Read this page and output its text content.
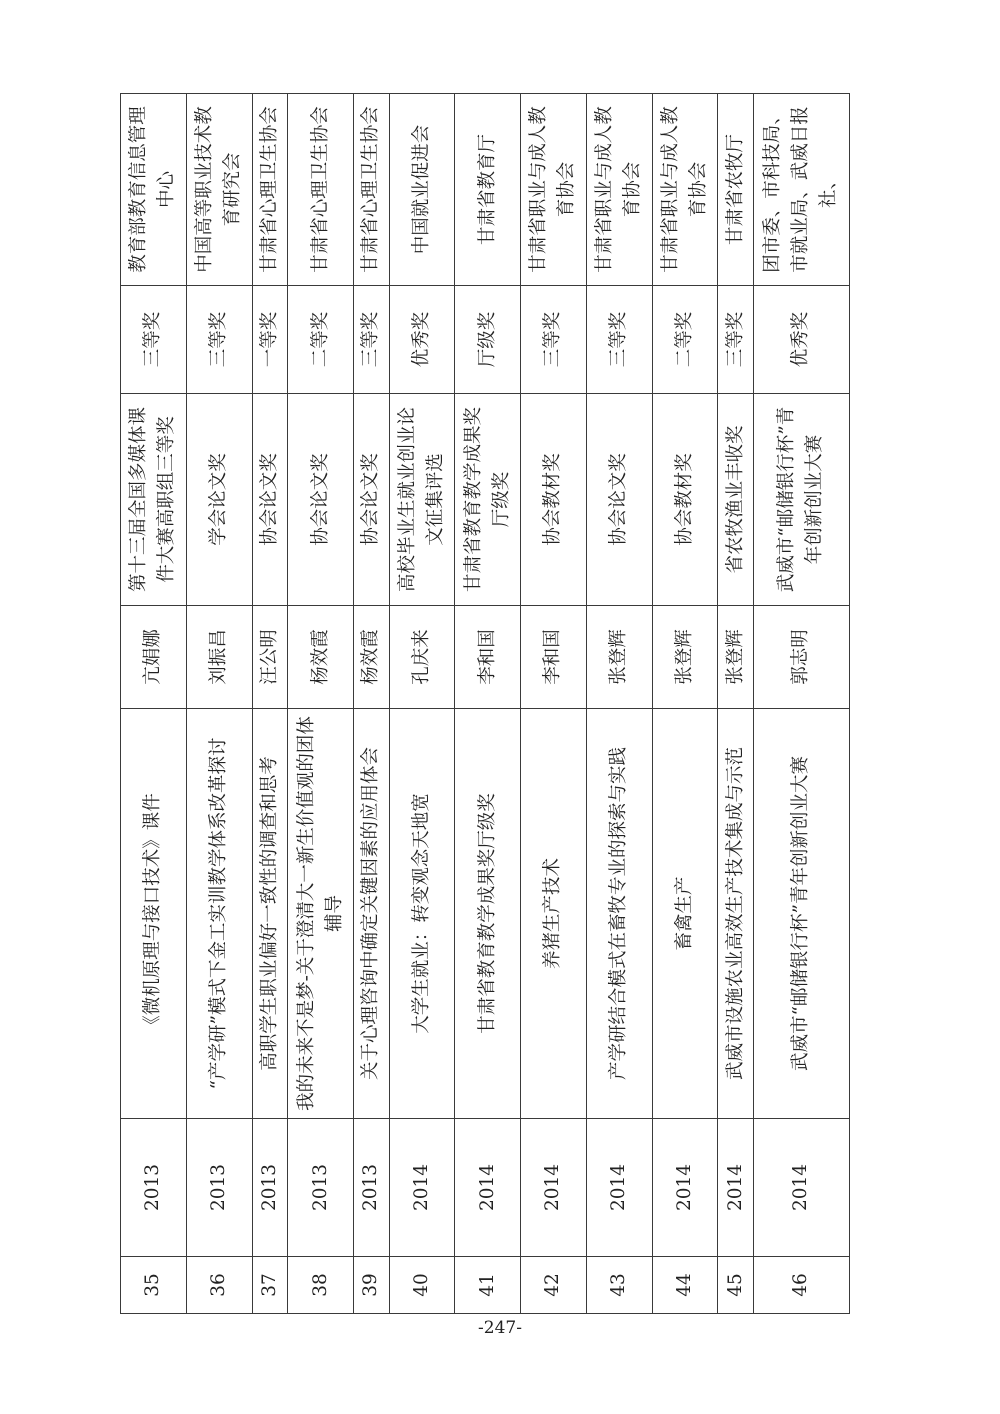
35	2013	《微机原理与接口技术》课件	亢娟娜	第十三届全国多媒体课件大赛高职组三等奖	三等奖	教育部教育信息管理中心
36	2013	“产学研”模式下金工实训教学体系改革探讨	刘振昌	学会论文奖	三等奖	中国高等职业技术教育研究会
37	2013	高职学生职业偏好一致性的调查和思考	汪公明	协会论文奖	一等奖	甘肃省心理卫生协会
38	2013	我的未来不是梦-关于澄清大一新生价值观的团体辅导	杨效霞	协会论文奖	二等奖	甘肃省心理卫生协会
39	2013	关于心理咨询中确定关键因素的应用体会	杨效霞	协会论文奖	三等奖	甘肃省心理卫生协会
40	2014	大学生就业：转变观念天地宽	孔庆来	高校毕业生就业创业论文征集评选	优秀奖	中国就业促进会
41	2014	甘肃省教育教学成果奖厅级奖	李和国	甘肃省教育教学成果奖厅级奖	厅级奖	甘肃省教育厅
42	2014	养猪生产技术	李和国	协会教材奖	三等奖	甘肃省职业与成人教育协会
43	2014	产学研结合模式在畜牧专业的探索与实践	张登辉	协会论文奖	三等奖	甘肃省职业与成人教育协会
44	2014	畜禽生产	张登辉	协会教材奖	二等奖	甘肃省职业与成人教育协会
45	2014	武威市设施农业高效生产技术集成与示范	张登辉	省农牧渔业丰收奖	三等奖	甘肃省农牧厅
46	2014	武威市“邮储银行杯”青年创新创业大赛	郭志明	武威市“邮储银行杯”青年创新创业大赛	优秀奖	团市委、市科技局、市就业局、武威日报社、
-247-
